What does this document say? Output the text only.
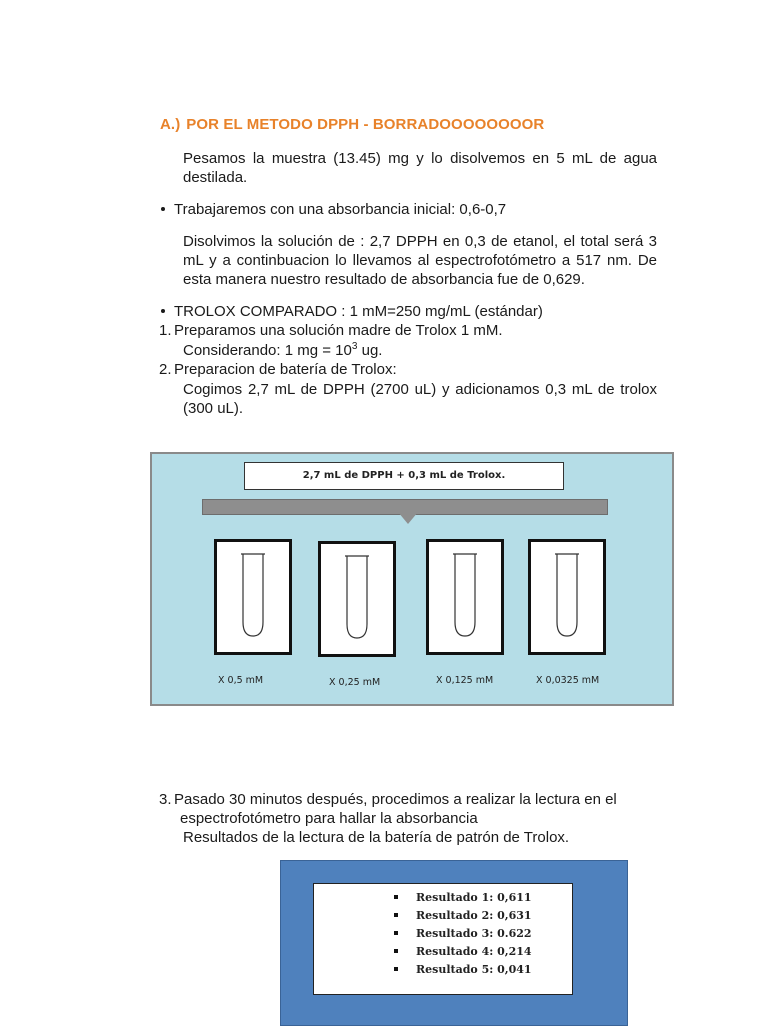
A.) POR EL METODO DPPH - BORRADOOOOOOOOR
Pesamos la muestra (13.45) mg y lo disolvemos en 5 mL de agua destilada.
Trabajaremos con una absorbancia inicial: 0,6-0,7
Disolvimos la solución de : 2,7 DPPH en 0,3 de etanol, el total será 3 mL y a continbuacion lo llevamos al espectrofotómetro a 517 nm. De esta manera nuestro resultado de absorbancia fue de 0,629.
TROLOX COMPARADO : 1 mM=250 mg/mL (estándar)
1. Preparamos una solución madre de Trolox 1 mM.
Considerando: 1 mg = $10^3$ ug.
2. Preparacion de batería de Trolox:
Cogimos 2,7 mL de DPPH (2700 uL) y adicionamos 0,3 mL de trolox (300 uL).
2,7 mL de DPPH + 0,3 mL de Trolox.
X 0,5 mM	X 0,25 mM	X 0,125 mM	X 0,0325 mM
3. Pasado 30 minutos después, procedimos a realizar la lectura en el
espectrofotómetro para hallar la absorbancia
Resultados de la lectura de la batería de patrón de Trolox.
Resultado 1: 0,611
Resultado 2: 0,631
Resultado 3: 0.622
Resultado 4: 0,214
Resultado 5: 0,041
